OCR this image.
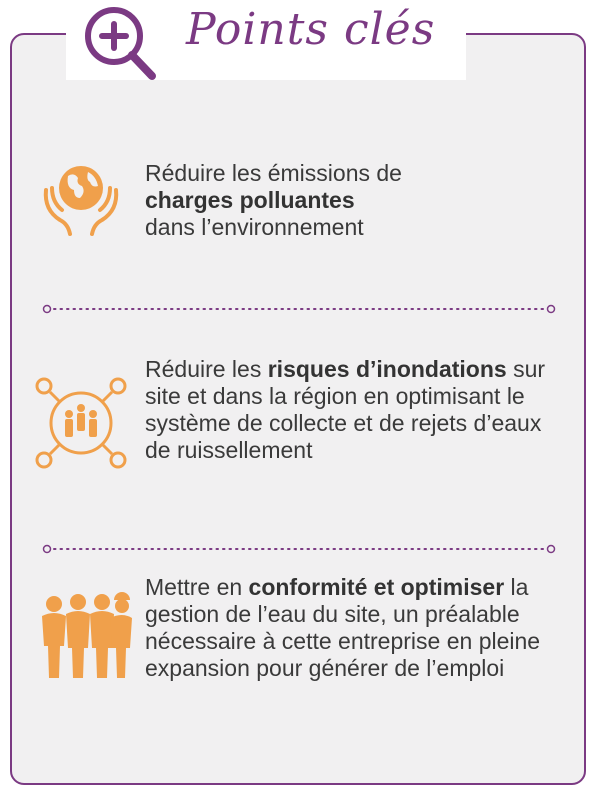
Points clés
Réduire les émissions de
charges polluantes
dans l’environnement
Réduire les risques d’inondations sur site et dans la région en optimisant le système de collecte et de rejets d’eaux de ruissellement
Mettre en conformité et optimiser la gestion de l’eau du site, un préalable nécessaire à cette entreprise en pleine expansion pour générer de l’emploi
